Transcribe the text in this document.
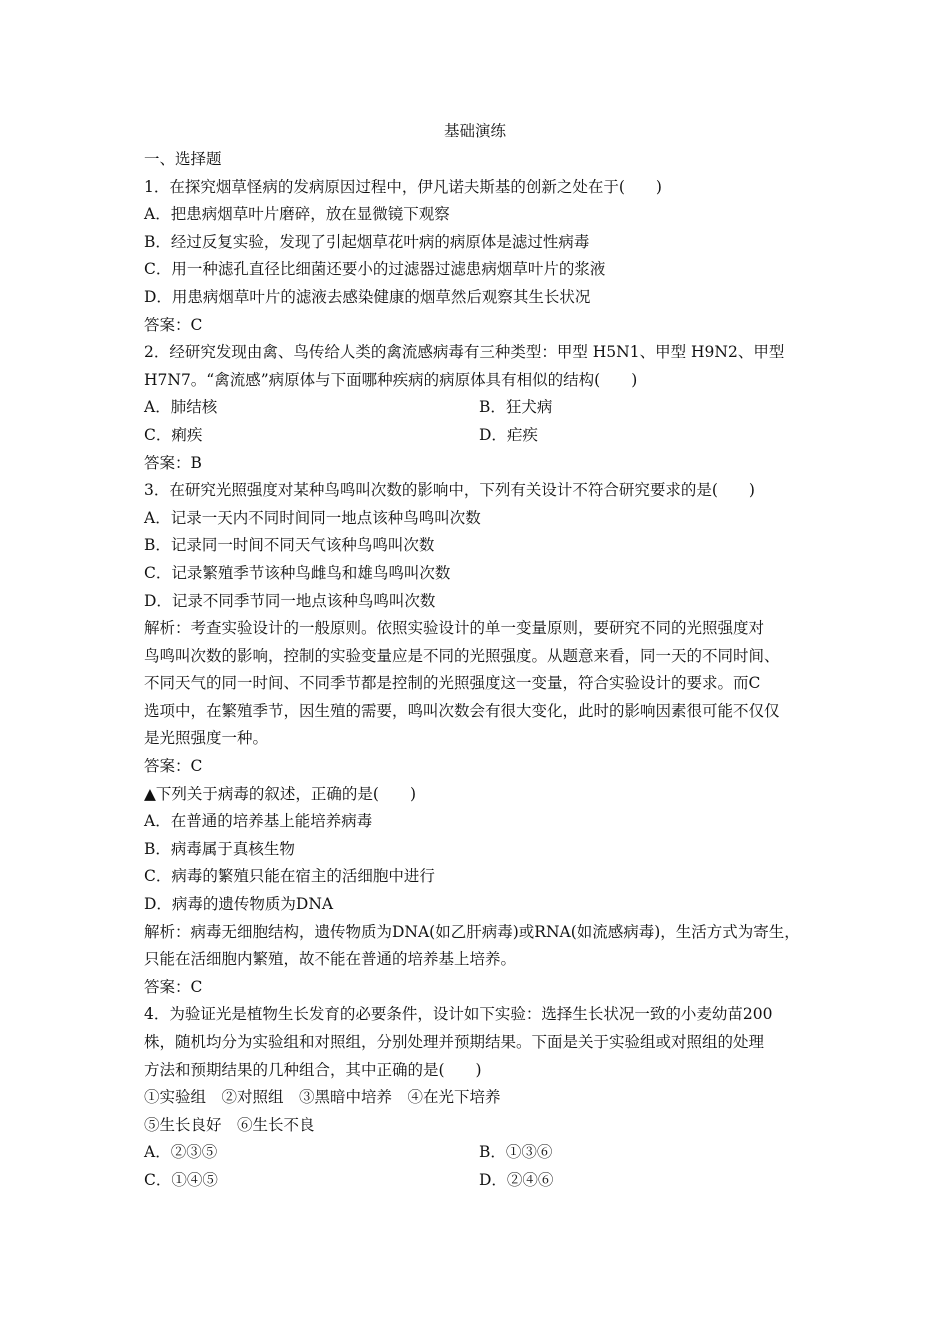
基础演练
一、选择题
1．在探究烟草怪病的发病原因过程中，伊凡诺夫斯基的创新之处在于(　　)
A．把患病烟草叶片磨碎，放在显微镜下观察
B．经过反复实验，发现了引起烟草花叶病的病原体是滤过性病毒
C．用一种滤孔直径比细菌还要小的过滤器过滤患病烟草叶片的浆液
D．用患病烟草叶片的滤液去感染健康的烟草然后观察其生长状况
答案：C
2．经研究发现由禽、鸟传给人类的禽流感病毒有三种类型：甲型 H5N1、甲型 H9N2、甲型
H7N7。“禽流感”病原体与下面哪种疾病的病原体具有相似的结构(　　)
A．肺结核	B．狂犬病
C．痢疾	D．疟疾
答案：B
3．在研究光照强度对某种鸟鸣叫次数的影响中，下列有关设计不符合研究要求的是(　　)
A．记录一天内不同时间同一地点该种鸟鸣叫次数
B．记录同一时间不同天气该种鸟鸣叫次数
C．记录繁殖季节该种鸟雌鸟和雄鸟鸣叫次数
D．记录不同季节同一地点该种鸟鸣叫次数
解析：考查实验设计的一般原则。依照实验设计的单一变量原则，要研究不同的光照强度对
鸟鸣叫次数的影响，控制的实验变量应是不同的光照强度。从题意来看，同一天的不同时间、
不同天气的同一时间、不同季节都是控制的光照强度这一变量，符合实验设计的要求。而C
选项中，在繁殖季节，因生殖的需要，鸣叫次数会有很大变化，此时的影响因素很可能不仅仅
是光照强度一种。
答案：C
▲下列关于病毒的叙述，正确的是(　　)
A．在普通的培养基上能培养病毒
B．病毒属于真核生物
C．病毒的繁殖只能在宿主的活细胞中进行
D．病毒的遗传物质为DNA
解析：病毒无细胞结构，遗传物质为DNA(如乙肝病毒)或RNA(如流感病毒)，生活方式为寄生，
只能在活细胞内繁殖，故不能在普通的培养基上培养。
答案：C
4．为验证光是植物生长发育的必要条件，设计如下实验：选择生长状况一致的小麦幼苗200
株，随机均分为实验组和对照组，分别处理并预期结果。下面是关于实验组或对照组的处理
方法和预期结果的几种组合，其中正确的是(　　)
①实验组　②对照组　③黑暗中培养　④在光下培养
⑤生长良好　⑥生长不良
A．②③⑤	B．①③⑥
C．①④⑤	D．②④⑥
